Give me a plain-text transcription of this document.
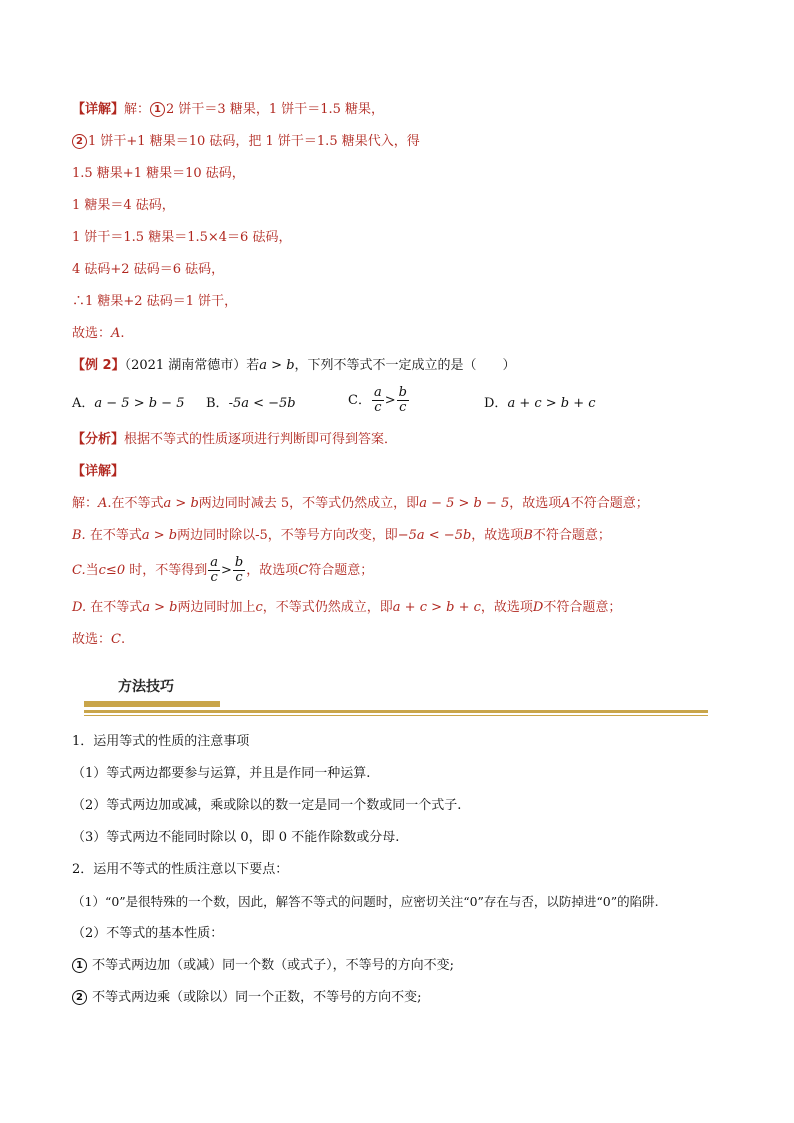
【详解】解： 1 2 饼干＝3 糖果，1 饼干＝1.5 糖果，
2 1 饼干+1 糖果＝10 砝码，把 1 饼干＝1.5 糖果代入，得
1.5 糖果+1 糖果＝10 砝码，
1 糖果＝4 砝码，
1 饼干＝1.5 糖果＝1.5×4＝6 砝码，
4 砝码+2 砝码＝6 砝码，
∴1 糖果+2 砝码＝1 饼干，
故选：A.
【例 2】（2021 湖南常德市）若a > b，下列不等式不一定成立的是（　　）
A．a − 5 > b − 5 B．-5a < −5b	C． $\frac{a}{c} > \frac{b}{c}$	D．a + c > b + c
【分析】根据不等式的性质逐项进行判断即可得到答案．
【详解】
解：A.在不等式a > b两边同时减去 5，不等式仍然成立，即a − 5 > b − 5，故选项A不符合题意；
B. 在不等式a > b两边同时除以-5，不等号方向改变，即−5a < −5b，故选项B不符合题意；
C.当c≤0 时，不等得到 $\frac{a}{c} > \frac{b}{c}$ ，故选项C符合题意；
D. 在不等式a > b两边同时加上c，不等式仍然成立，即a + c > b + c，故选项D不符合题意；
故选：C.
方法技巧
1．运用等式的性质的注意事项
（1）等式两边都要参与运算，并且是作同一种运算.
（2）等式两边加或减，乘或除以的数一定是同一个数或同一个式子.
（3）等式两边不能同时除以 0，即 0 不能作除数或分母.
2．运用不等式的性质注意以下要点：
（1）“0”是很特殊的一个数，因此，解答不等式的问题时，应密切关注“0”存在与否，以防掉进“0”的陷阱.
（2）不等式的基本性质：
1 不等式两边加（或减）同一个数（或式子），不等号的方向不变;
2 不等式两边乘（或除以）同一个正数，不等号的方向不变;
